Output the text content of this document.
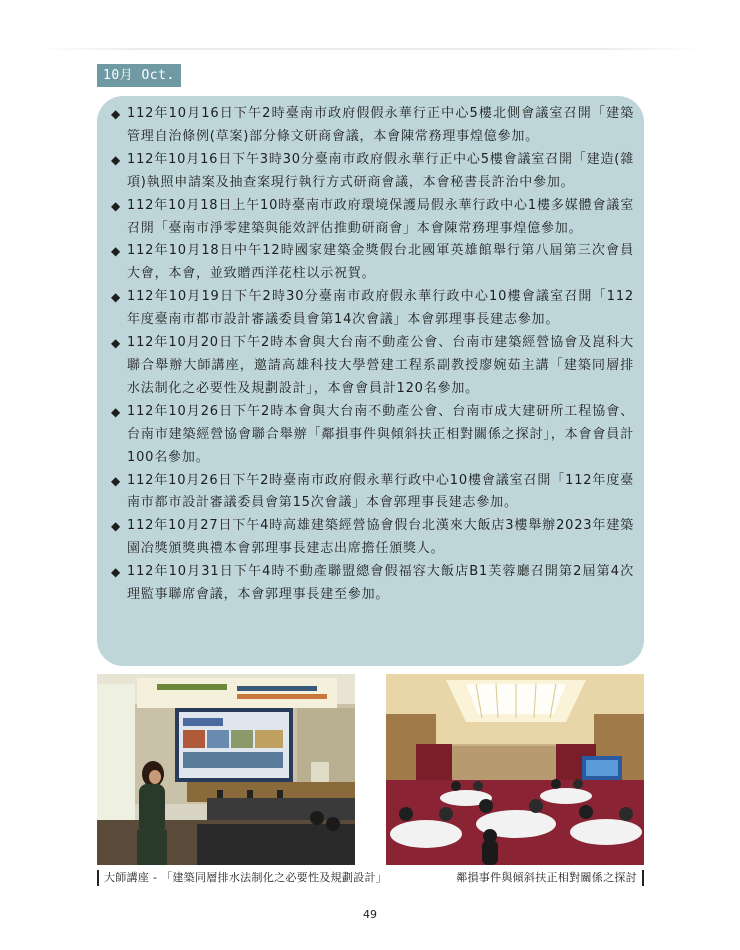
10月 Oct.
◆ 112年10月16日下午2時臺南市政府假假永華行正中心5樓北側會議室召開「建築管理自治條例(草案)部分條文研商會議，本會陳常務理事煌億參加。
◆ 112年10月16日下午3時30分臺南市政府假永華行正中心5樓會議室召開「建造(雜項)執照申請案及抽查案現行執行方式研商會議，本會秘書長許治中參加。
◆ 112年10月18日上午10時臺南市政府環境保護局假永華行政中心1樓多媒體會議室召開「臺南市淨零建築與能效評估推動研商會」本會陳常務理事煌億參加。
◆ 112年10月18日中午12時國家建築金獎假台北國軍英雄館舉行第八屆第三次會員大會，本會，並致贈西洋花柱以示祝賀。
◆ 112年10月19日下午2時30分臺南市政府假永華行政中心10樓會議室召開「112年度臺南市都市設計審議委員會第14次會議」本會郭理事長建志參加。
◆ 112年10月20日下午2時本會與大台南不動產公會、台南市建築經營協會及崑科大聯合舉辦大師講座，邀請高雄科技大學營建工程系副教授廖婉茹主講「建築同層排水法制化之必要性及規劃設計」，本會會員計120名參加。
◆ 112年10月26日下午2時本會與大台南不動產公會、台南市成大建研所工程協會、台南市建築經營協會聯合舉辦「鄰損事件與傾斜扶正相對關係之探討」，本會會員計100名參加。
◆ 112年10月26日下午2時臺南市政府假永華行政中心10樓會議室召開「112年度臺南市都市設計審議委員會第15次會議」本會郭理事長建志參加。
◆ 112年10月27日下午4時高雄建築經營協會假台北漢來大飯店3樓舉辦2023年建築園冶獎頒獎典禮本會郭理事長建志出席擔任頒獎人。
◆ 112年10月31日下午4時不動產聯盟總會假福容大飯店B1芙蓉廳召開第2屆第4次理監事聯席會議，本會郭理事長建至參加。
大師講座 - 「建築同層排水法制化之必要性及規劃設計」	鄰損事件與傾斜扶正相對關係之探討
49
